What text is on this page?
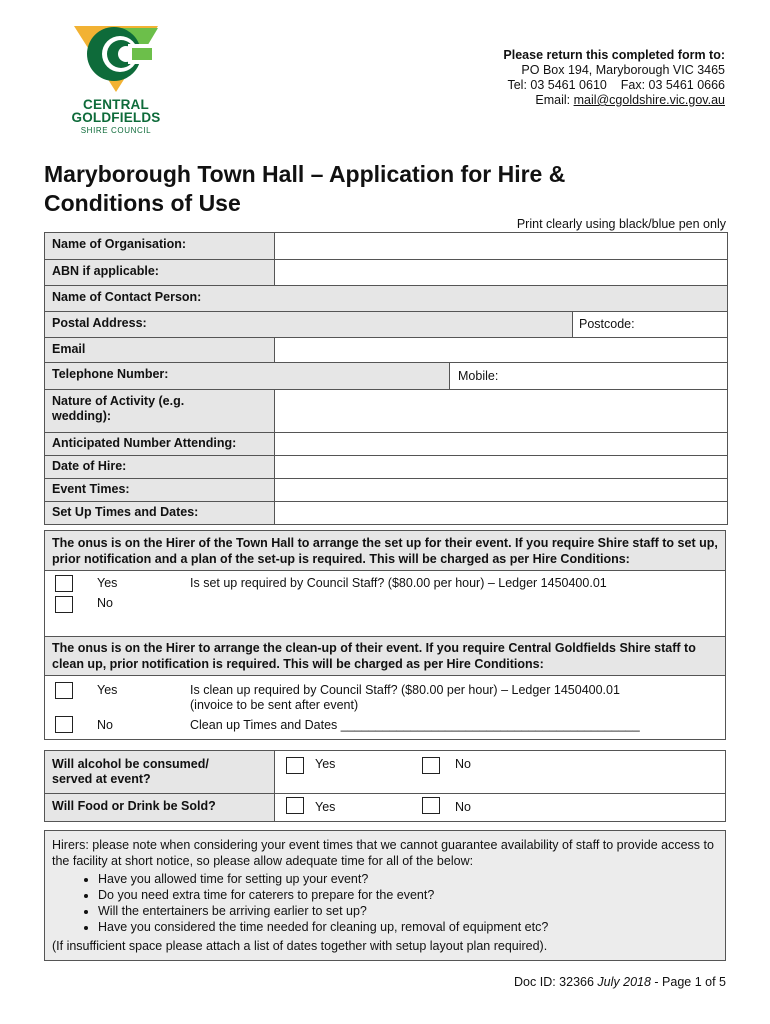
CENTRAL
GOLDFIELDS
SHIRE COUNCIL
Please return this completed form to:
PO Box 194, Maryborough VIC 3465
Tel: 03 5461 0610    Fax: 03 5461 0666
Email: mail@cgoldshire.vic.gov.au
Maryborough Town Hall – Application for Hire &
Conditions of Use
Print clearly using black/blue pen only
Name of Organisation:
ABN if applicable:
Name of Contact Person:
Postal Address:	Postcode:
Email
Telephone Number:	Mobile:
Nature of Activity (e.g.
wedding):
Anticipated Number Attending:
Date of Hire:
Event Times:
Set Up Times and Dates:
The onus is on the Hirer of the Town Hall to arrange the set up for their event. If you require Shire staff to set up, prior notification and a plan of the set-up is required. This will be charged as per Hire Conditions:
Yes	Is set up required by Council Staff? ($80.00 per hour) – Ledger 1450400.01
No
The onus is on the Hirer to arrange the clean-up of their event. If you require Central Goldfields Shire staff to clean up, prior notification is required. This will be charged as per Hire Conditions:
Yes	Is clean up required by Council Staff? ($80.00 per hour) – Ledger 1450400.01
(invoice to be sent after event)
No	Clean up Times and Dates ___________________________________________
Will alcohol be consumed/
served at event?
Yes	No
Will Food or Drink be Sold?	Yes	No
Hirers: please note when considering your event times that we cannot guarantee availability of staff to provide access to the facility at short notice, so please allow adequate time for all of the below:
• Have you allowed time for setting up your event?
• Do you need extra time for caterers to prepare for the event?
• Will the entertainers be arriving earlier to set up?
• Have you considered the time needed for cleaning up, removal of equipment etc?
(If insufficient space please attach a list of dates together with setup layout plan required).
Doc ID: 32366 July 2018 - Page 1 of 5
